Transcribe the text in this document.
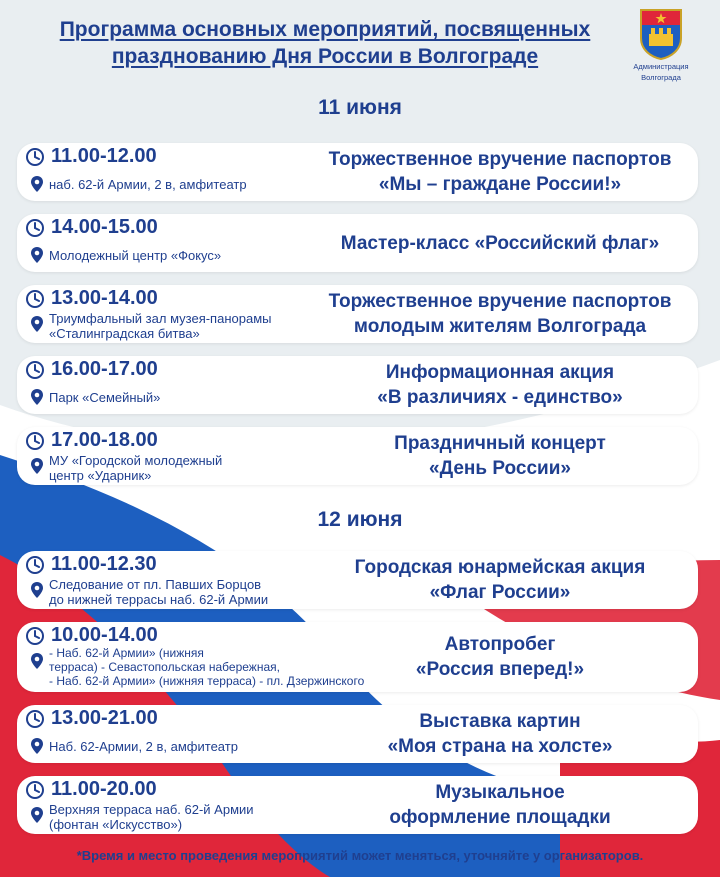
Программа основных мероприятий, посвященных празднованию Дня России в Волгограде	Администрация
Волгограда
11 июня
12 июня
11.00-12.00
наб. 62-й Армии, 2 в, амфитеатр
Торжественное вручение паспортов
«Мы – граждане России!»
14.00-15.00
Молодежный центр «Фокус»
Мастер-класс «Российский флаг»
13.00-14.00
Триумфальный зал музея-панорамы
«Сталинградская битва»
Торжественное вручение паспортов
молодым жителям Волгограда
16.00-17.00
Парк «Семейный»
Информационная акция
«В различиях - единство»
17.00-18.00
МУ «Городской молодежный
центр «Ударник»
Праздничный концерт
«День России»
11.00-12.30
Следование от пл. Павших Борцов
до нижней террасы наб. 62-й Армии
Городская юнармейская акция
«Флаг России»
10.00-14.00
- Наб. 62-й Армии» (нижняя
терраса) - Севастопольская набережная,
- Наб. 62-й Армии» (нижняя терраса) - пл. Дзержинского
Автопробег
«Россия вперед!»
13.00-21.00
Наб. 62-Армии, 2 в, амфитеатр
Выставка картин
«Моя страна на холсте»
11.00-20.00
Верхняя терраса наб. 62-й Армии
(фонтан «Искусство»)
Музыкальное
оформление площадки
*Время и место проведения мероприятий может меняться, уточняйте у организаторов.
